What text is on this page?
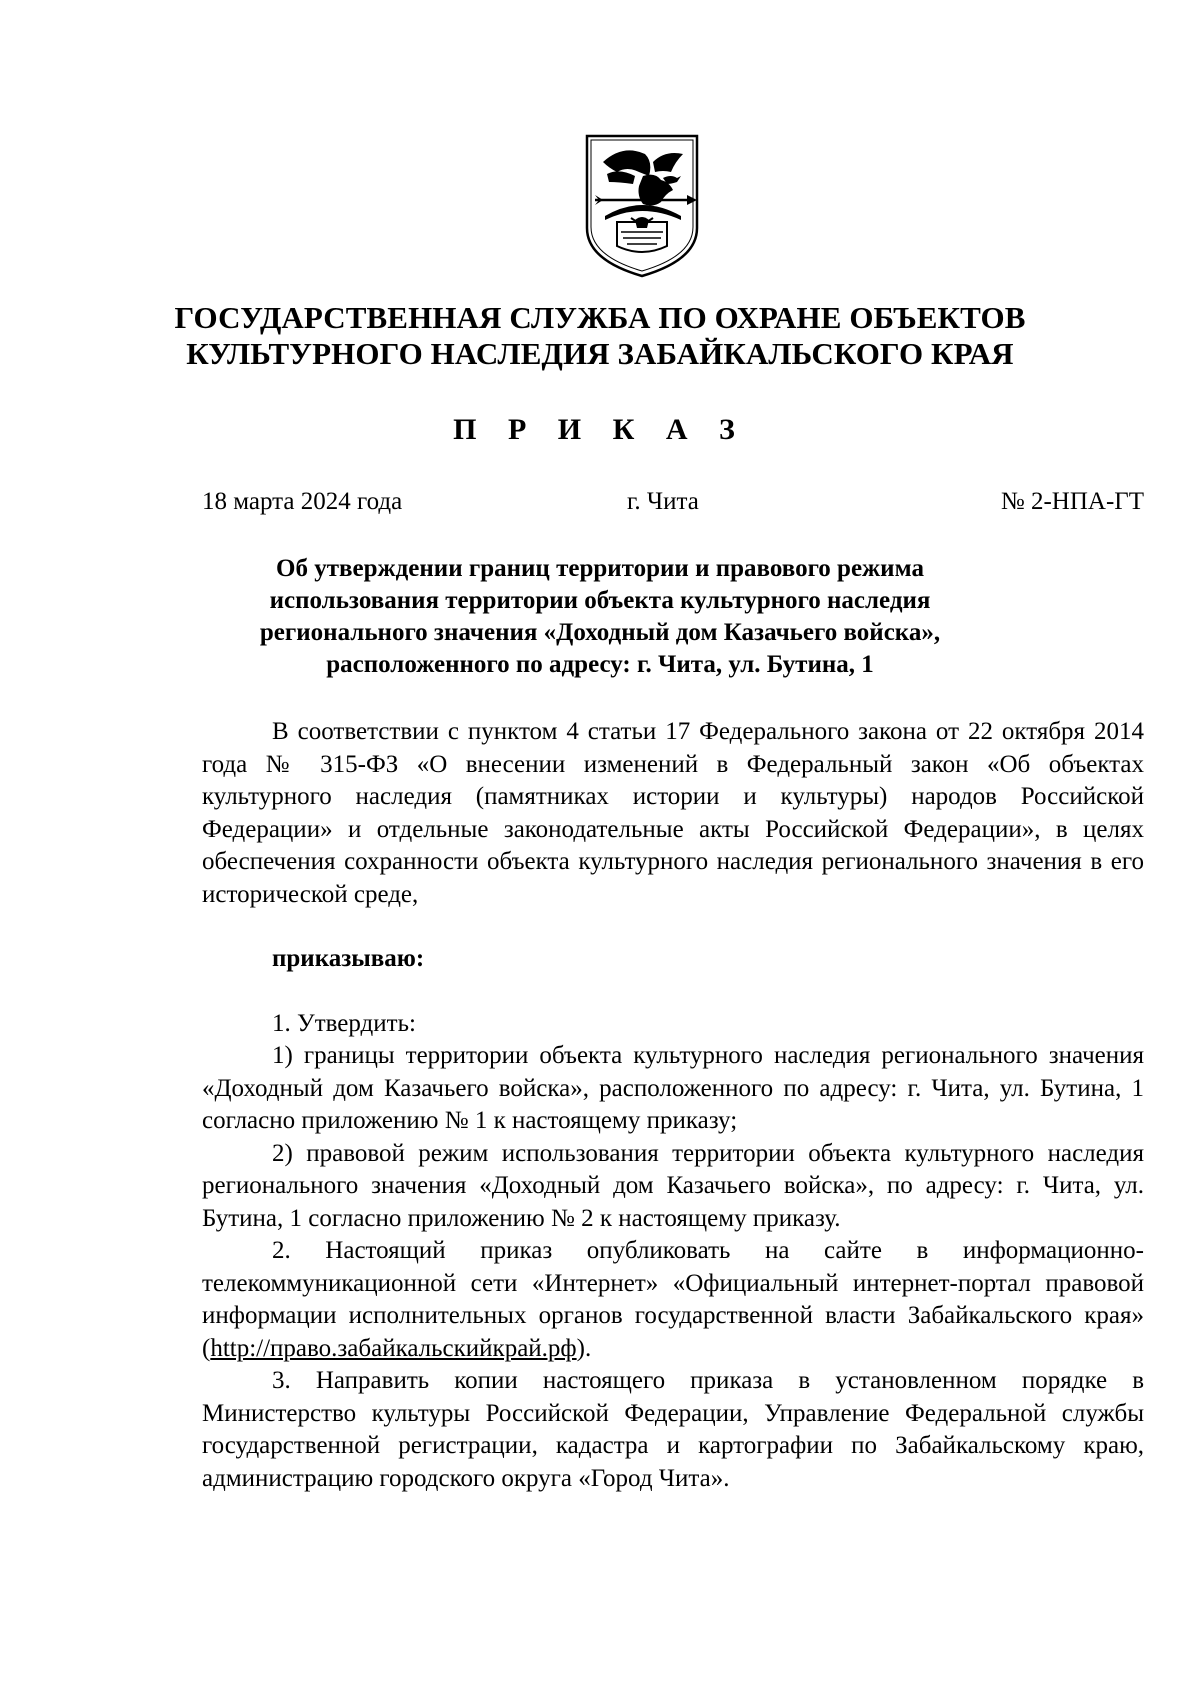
ГОСУДАРСТВЕННАЯ СЛУЖБА ПО ОХРАНЕ ОБЪЕКТОВ
КУЛЬТУРНОГО НАСЛЕДИЯ ЗАБАЙКАЛЬСКОГО КРАЯ
П Р И К А З
18 марта 2024 года	г. Чита	№ 2-НПА-ГТ
Об утверждении границ территории и правового режима
использования территории объекта культурного наследия
регионального значения «Доходный дом Казачьего войска»,
расположенного по адресу: г. Чита, ул. Бутина, 1

В соответствии с пунктом 4 статьи 17 Федерального закона от 22 октября 2014 года № 315-ФЗ «О внесении изменений в Федеральный закон «Об объектах культурного наследия (памятниках истории и культуры) народов Российской Федерации» и отдельные законодательные акты Российской Федерации», в целях обеспечения сохранности объекта культурного наследия регионального значения в его исторической среде,

приказываю:

1. Утвердить:

1) границы территории объекта культурного наследия регионального значения «Доходный дом Казачьего войска», расположенного по адресу: г. Чита, ул. Бутина, 1 согласно приложению № 1 к настоящему приказу;

2) правовой режим использования территории объекта культурного наследия регионального значения «Доходный дом Казачьего войска», по адресу: г. Чита, ул. Бутина, 1 согласно приложению № 2 к настоящему приказу.

2. Настоящий приказ опубликовать на сайте в информационно-телекоммуникационной сети «Интернет» «Официальный интернет-портал правовой информации исполнительных органов государственной власти Забайкальского края» (http://право.забайкальскийкрай.рф).

3. Направить копии настоящего приказа в установленном порядке в Министерство культуры Российской Федерации, Управление Федеральной службы государственной регистрации, кадастра и картографии по Забайкальскому краю, администрацию городского округа «Город Чита».
